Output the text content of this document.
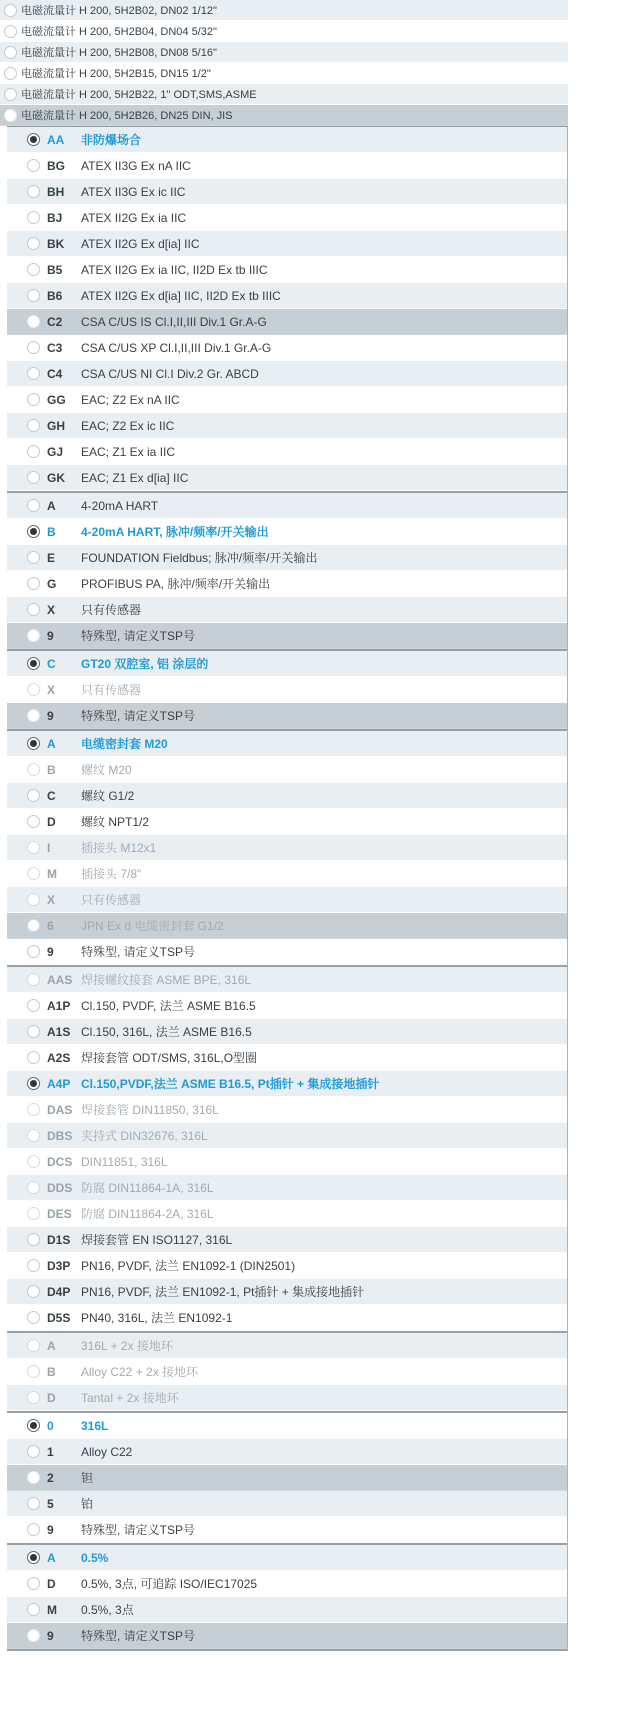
电磁流量计 H 200, 5H2B02, DN02 1/12"
电磁流量计 H 200, 5H2B04, DN04 5/32"
电磁流量计 H 200, 5H2B08, DN08 5/16"
电磁流量计 H 200, 5H2B15, DN15 1/2"
电磁流量计 H 200, 5H2B22, 1" ODT,SMS,ASME
电磁流量计 H 200, 5H2B26, DN25 DIN, JIS
AA	非防爆场合
BG	ATEX II3G Ex nA IIC
BH	ATEX II3G Ex ic IIC
BJ	ATEX II2G Ex ia IIC
BK	ATEX II2G Ex d[ia] IIC
B5	ATEX II2G Ex ia IIC, II2D Ex tb IIIC
B6	ATEX II2G Ex d[ia] IIC, II2D Ex tb IIIC
C2	CSA C/US IS Cl.I,II,III Div.1 Gr.A-G
C3	CSA C/US XP Cl.I,II,III Div.1 Gr.A-G
C4	CSA C/US NI Cl.I Div.2 Gr. ABCD
GG	EAC; Z2 Ex nA IIC
GH	EAC; Z2 Ex ic IIC
GJ	EAC; Z1 Ex ia IIC
GK	EAC; Z1 Ex d[ia] IIC
A	4-20mA HART
B	4-20mA HART, 脉冲/频率/开关输出
E	FOUNDATION Fieldbus; 脉冲/频率/开关输出
G	PROFIBUS PA, 脉冲/频率/开关输出
X	只有传感器
9	特殊型, 请定义TSP号
C	GT20 双腔室, 铝 涂层的
X	只有传感器
9	特殊型, 请定义TSP号
A	电缆密封套 M20
B	螺纹 M20
C	螺纹 G1/2
D	螺纹 NPT1/2
I	插接头 M12x1
M	插接头 7/8"
X	只有传感器
6	JPN Ex d 电缆密封套 G1/2
9	特殊型, 请定义TSP号
AAS 焊接螺纹接套 ASME BPE, 316L
A1P Cl.150, PVDF, 法兰 ASME B16.5
A1S Cl.150, 316L, 法兰 ASME B16.5
A2S 焊接套管 ODT/SMS, 316L,O型圈
A4P Cl.150,PVDF,法兰 ASME B16.5, Pt插针 + 集成接地插针
DAS 焊接套管 DIN11850, 316L
DBS 夹持式 DIN32676, 316L
DCS DIN11851, 316L
DDS 防腐 DIN11864-1A, 316L
DES 防腐 DIN11864-2A, 316L
D1S 焊接套管 EN ISO1127, 316L
D3P PN16, PVDF, 法兰 EN1092-1 (DIN2501)
D4P PN16, PVDF, 法兰 EN1092-1, Pt插针 + 集成接地插针
D5S PN40, 316L, 法兰 EN1092-1
A	316L + 2x 接地环
B	Alloy C22 + 2x 接地环
D	Tantal + 2x 接地环
0	316L
1	Alloy C22
2	钽
5	铂
9	特殊型, 请定义TSP号
A	0.5%
D	0.5%, 3点, 可追踪 ISO/IEC17025
M	0.5%, 3点
9	特殊型, 请定义TSP号
